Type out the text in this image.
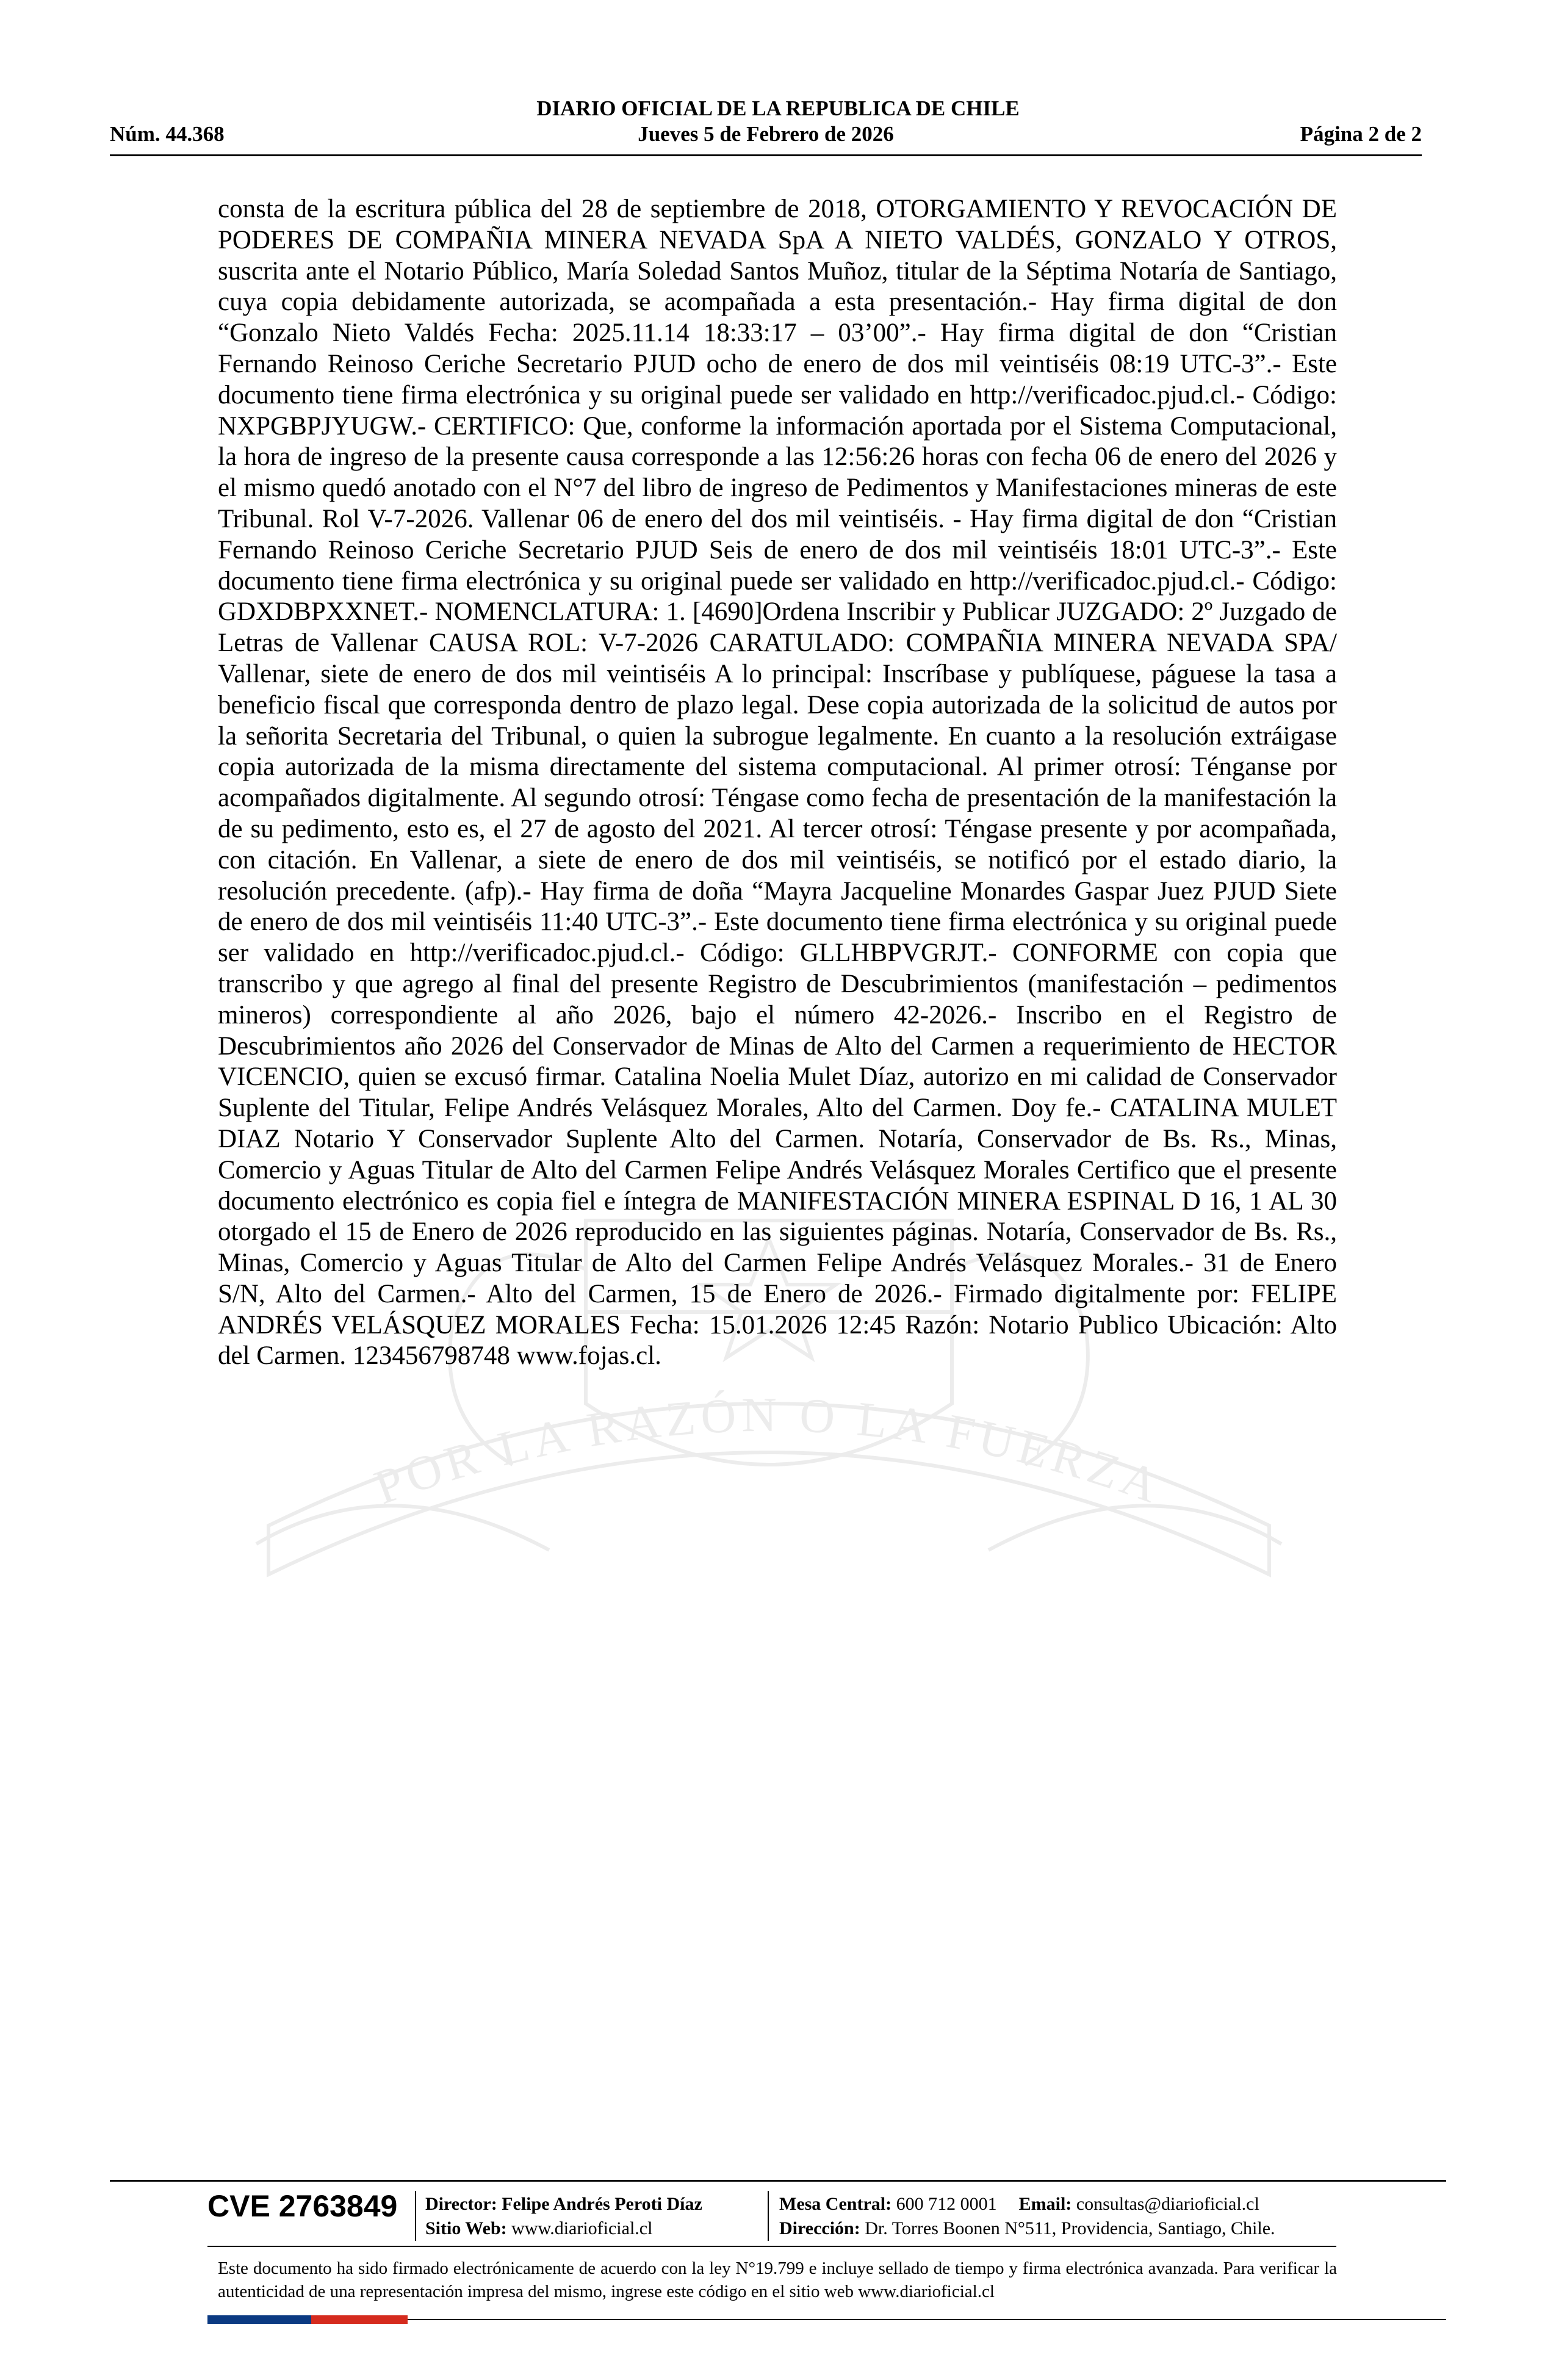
DIARIO OFICIAL DE LA REPUBLICA DE CHILE
Jueves 5 de Febrero de 2026
Núm. 44.368	Página 2 de 2
POR LA RAZÓN O LA FUERZA
consta de la escritura pública del 28 de septiembre de 2018, OTORGAMIENTO Y REVOCACIÓN DE PODERES DE COMPAÑIA MINERA NEVADA SpA A NIETO VALDÉS, GONZALO Y OTROS, suscrita ante el Notario Público, María Soledad Santos Muñoz, titular de la Séptima Notaría de Santiago, cuya copia debidamente autorizada, se acompañada a esta presentación.- Hay firma digital de don “Gonzalo Nieto Valdés Fecha: 2025.11.14 18:33:17 – 03’00”.- Hay firma digital de don “Cristian Fernando Reinoso Ceriche Secretario PJUD ocho de enero de dos mil veintiséis 08:19 UTC-3”.- Este documento tiene firma electrónica y su original puede ser validado en http://verificadoc.pjud.cl.- Código: NXPGBPJYUGW.- CERTIFICO: Que, conforme la información aportada por el Sistema Computacional, la hora de ingreso de la presente causa corresponde a las 12:56:26 horas con fecha 06 de enero del 2026 y el mismo quedó anotado con el N°7 del libro de ingreso de Pedimentos y Manifestaciones mineras de este Tribunal. Rol V-7-2026. Vallenar 06 de enero del dos mil veintiséis. - Hay firma digital de don “Cristian Fernando Reinoso Ceriche Secretario PJUD Seis de enero de dos mil veintiséis 18:01 UTC-3”.- Este documento tiene firma electrónica y su original puede ser validado en http://verificadoc.pjud.cl.- Código: GDXDBPXXNET.- NOMENCLATURA: 1. [4690]Ordena Inscribir y Publicar JUZGADO: 2º Juzgado de Letras de Vallenar CAUSA ROL: V-7-2026 CARATULADO: COMPAÑIA MINERA NEVADA SPA/ Vallenar, siete de enero de dos mil veintiséis A lo principal: Inscríbase y publíquese, páguese la tasa a beneficio fiscal que corresponda dentro de plazo legal. Dese copia autorizada de la solicitud de autos por la señorita Secretaria del Tribunal, o quien la subrogue legalmente. En cuanto a la resolución extráigase copia autorizada de la misma directamente del sistema computacional. Al primer otrosí: Ténganse por acompañados digitalmente. Al segundo otrosí: Téngase como fecha de presentación de la manifestación la de su pedimento, esto es, el 27 de agosto del 2021. Al tercer otrosí: Téngase presente y por acompañada, con citación. En Vallenar, a siete de enero de dos mil veintiséis, se notificó por el estado diario, la resolución precedente. (afp).- Hay firma de doña “Mayra Jacqueline Monardes Gaspar Juez PJUD Siete de enero de dos mil veintiséis 11:40 UTC-3”.- Este documento tiene firma electrónica y su original puede ser validado en http://verificadoc.pjud.cl.- Código: GLLHBPVGRJT.- CONFORME con copia que transcribo y que agrego al final del presente Registro de Descubrimientos (manifestación – pedimentos mineros) correspondiente al año 2026, bajo el número 42-2026.- Inscribo en el Registro de Descubrimientos año 2026 del Conservador de Minas de Alto del Carmen a requerimiento de HECTOR VICENCIO, quien se excusó firmar. Catalina Noelia Mulet Díaz, autorizo en mi calidad de Conservador Suplente del Titular, Felipe Andrés Velásquez Morales, Alto del Carmen. Doy fe.- CATALINA MULET DIAZ Notario Y Conservador Suplente Alto del Carmen. Notaría, Conservador de Bs. Rs., Minas, Comercio y Aguas Titular de Alto del Carmen Felipe Andrés Velásquez Morales Certifico que el presente documento electrónico es copia fiel e íntegra de MANIFESTACIÓN MINERA ESPINAL D 16, 1 AL 30 otorgado el 15 de Enero de 2026 reproducido en las siguientes páginas. Notaría, Conservador de Bs. Rs., Minas, Comercio y Aguas Titular de Alto del Carmen Felipe Andrés Velásquez Morales.- 31 de Enero S/N, Alto del Carmen.- Alto del Carmen, 15 de Enero de 2026.- Firmado digitalmente por: FELIPE ANDRÉS VELÁSQUEZ MORALES Fecha: 15.01.2026 12:45 Razón: Notario Publico Ubicación: Alto del Carmen. 123456798748 www.fojas.cl.
CVE 2763849 Director: Felipe Andrés Peroti Díaz
Sitio Web: www.diarioficial.cl
Mesa Central: 600 712 0001 Email: consultas@diarioficial.cl
Dirección: Dr. Torres Boonen N°511, Providencia, Santiago, Chile.
Este documento ha sido firmado electrónicamente de acuerdo con la ley N°19.799 e incluye sellado de tiempo y firma electrónica avanzada. Para verificar la autenticidad de una representación impresa del mismo, ingrese este código en el sitio web www.diarioficial.cl
